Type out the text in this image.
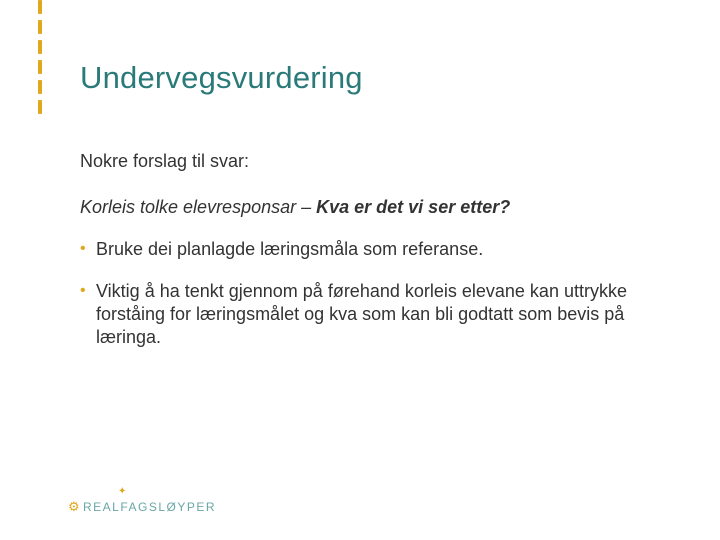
Undervegsvurdering

Nokre forslag til svar:

Korleis tolke elevresponsar – Kva er det vi ser etter?

• Bruke dei planlagde læringsmåla som referanse.
• Viktig å ha tenkt gjennom på førehand korleis elevane kan uttrykke forståing for læringsmålet og kva som kan bli godtatt som bevis på læringa.
✦
⚙ REALFAGSLØYPER
